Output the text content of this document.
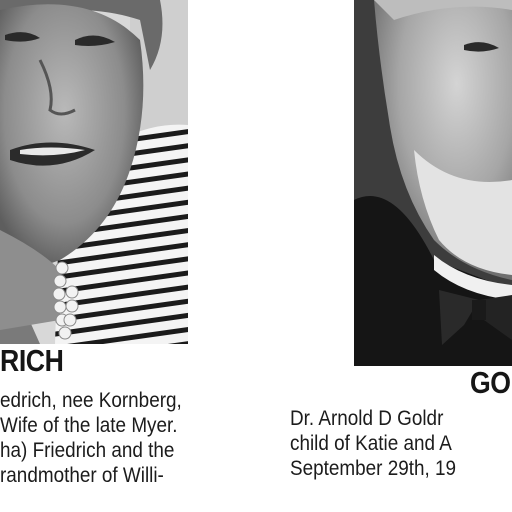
RICH
edrich, nee Kornberg,
Wife of the late Myer.
ha) Friedrich and the
randmother of Willi-
GO
Dr. Arnold D Goldr
child of Katie and A
September 29th, 19
